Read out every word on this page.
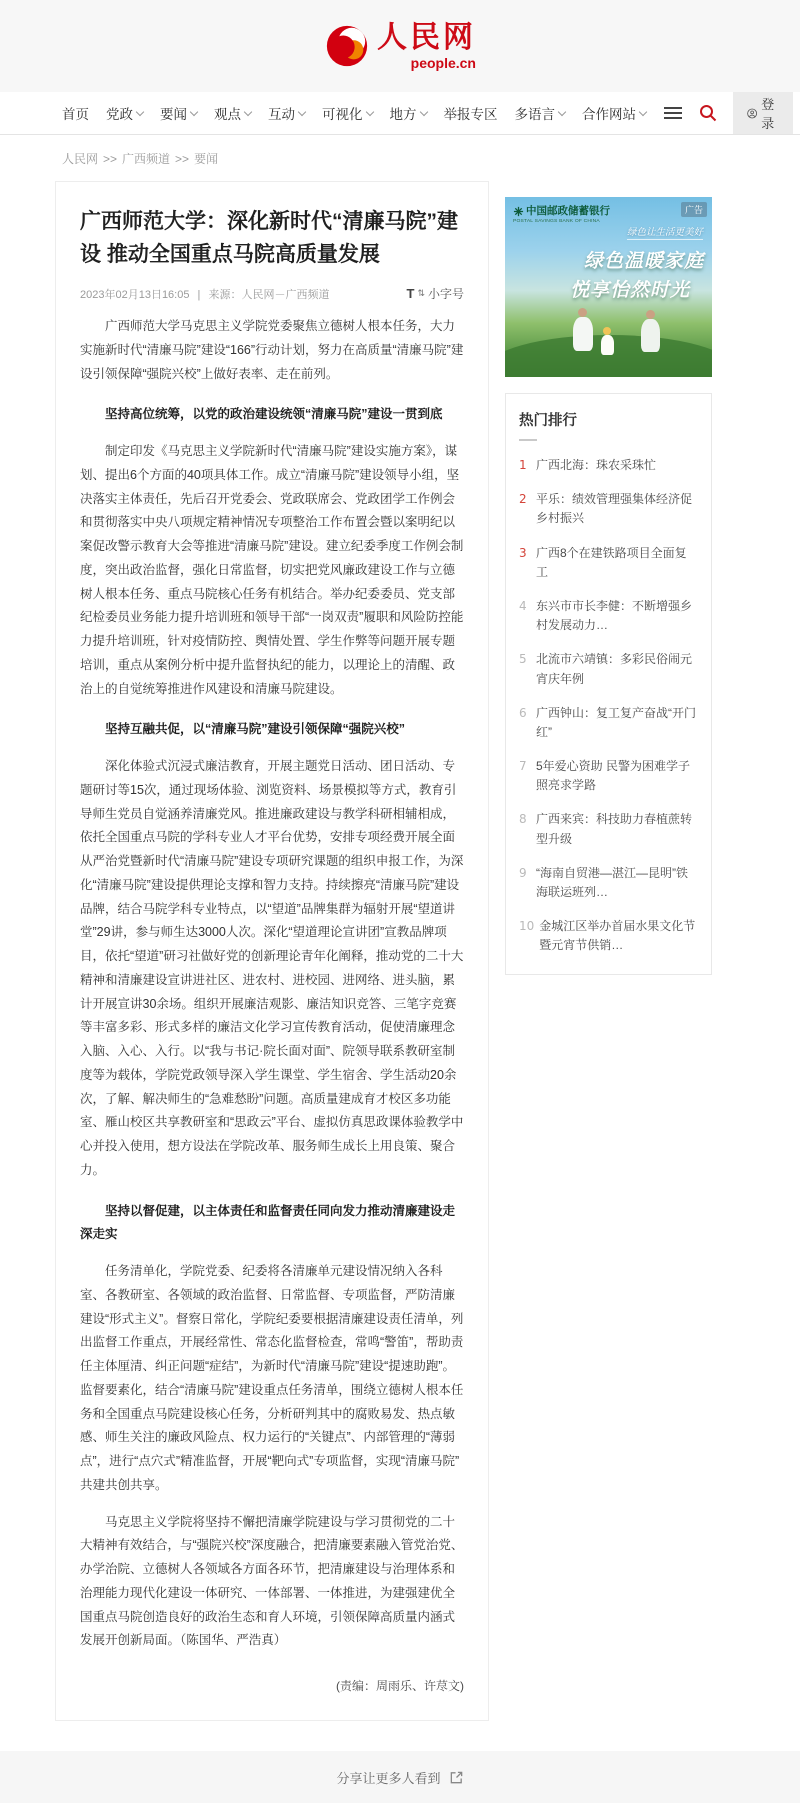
人民网
people.cn
首页 党政 要闻 观点 互动 可视化 地方 举报专区 多语言 合作网站
登录
人民网 >> 广西频道 >> 要闻
广西师范大学：深化新时代“清廉马院”建设 推动全国重点马院高质量发展
2023年02月13日16:05 | 来源：人民网－广西频道	T ⇅ 小字号

广西师范大学马克思主义学院党委聚焦立德树人根本任务，大力实施新时代“清廉马院”建设“166”行动计划，努力在高质量“清廉马院”建设引领保障“强院兴校”上做好表率、走在前列。

坚持高位统筹，以党的政治建设统领“清廉马院”建设一贯到底

制定印发《马克思主义学院新时代“清廉马院”建设实施方案》，谋划、提出6个方面的40项具体工作。成立“清廉马院”建设领导小组，坚决落实主体责任，先后召开党委会、党政联席会、党政团学工作例会和贯彻落实中央八项规定精神情况专项整治工作布置会暨以案明纪以案促改警示教育大会等推进“清廉马院”建设。建立纪委季度工作例会制度，突出政治监督，强化日常监督，切实把党风廉政建设工作与立德树人根本任务、重点马院核心任务有机结合。举办纪委委员、党支部纪检委员业务能力提升培训班和领导干部“一岗双责”履职和风险防控能力提升培训班，针对疫情防控、舆情处置、学生作弊等问题开展专题培训，重点从案例分析中提升监督执纪的能力，以理论上的清醒、政治上的自觉统筹推进作风建设和清廉马院建设。

坚持互融共促，以“清廉马院”建设引领保障“强院兴校”

深化体验式沉浸式廉洁教育，开展主题党日活动、团日活动、专题研讨等15次，通过现场体验、浏览资料、场景模拟等方式，教育引导师生党员自觉涵养清廉党风。推进廉政建设与教学科研相辅相成，依托全国重点马院的学科专业人才平台优势，安排专项经费开展全面从严治党暨新时代“清廉马院”建设专项研究课题的组织申报工作，为深化“清廉马院”建设提供理论支撑和智力支持。持续擦亮“清廉马院”建设品牌，结合马院学科专业特点，以“望道”品牌集群为辐射开展“望道讲堂”29讲，参与师生达3000人次。深化“望道理论宣讲团”宣教品牌项目，依托“望道”研习社做好党的创新理论青年化阐释，推动党的二十大精神和清廉建设宣讲进社区、进农村、进校园、进网络、进头脑，累计开展宣讲30余场。组织开展廉洁观影、廉洁知识竞答、三笔字竞赛等丰富多彩、形式多样的廉洁文化学习宣传教育活动，促使清廉理念入脑、入心、入行。以“我与书记·院长面对面”、院领导联系教研室制度等为载体，学院党政领导深入学生课堂、学生宿舍、学生活动20余次，了解、解决师生的“急难愁盼”问题。高质量建成育才校区多功能室、雁山校区共享教研室和“思政云”平台、虚拟仿真思政课体验教学中心并投入使用，想方设法在学院改革、服务师生成长上用良策、聚合力。

坚持以督促建，以主体责任和监督责任同向发力推动清廉建设走深走实

任务清单化，学院党委、纪委将各清廉单元建设情况纳入各科室、各教研室、各领域的政治监督、日常监督、专项监督，严防清廉建设“形式主义”。督察日常化，学院纪委要根据清廉建设责任清单，列出监督工作重点，开展经常性、常态化监督检查，常鸣“警笛”，帮助责任主体厘清、纠正问题“症结”，为新时代“清廉马院”建设“提速助跑”。监督要素化，结合“清廉马院”建设重点任务清单，围绕立德树人根本任务和全国重点马院建设核心任务，分析研判其中的腐败易发、热点敏感、师生关注的廉政风险点、权力运行的“关键点”、内部管理的“薄弱点”，进行“点穴式”精准监督，开展“靶向式”专项监督，实现“清廉马院”共建共创共享。

马克思主义学院将坚持不懈把清廉学院建设与学习贯彻党的二十大精神有效结合，与“强院兴校”深度融合，把清廉要素融入管党治党、办学治院、立德树人各领域各方面各环节，把清廉建设与治理体系和治理能力现代化建设一体研究、一体部署、一体推进，为建强建优全国重点马院创造良好的政治生态和育人环境，引领保障高质量内涵式发展开创新局面。（陈国华、严浩真）

(责编：周雨乐、许荩文)
中国邮政储蓄银行
POSTAL SAVINGS BANK OF CHINA
广告
绿色让生活更美好
绿色温暖家庭
悦享怡然时光
热门排行
1 广西北海：珠农采珠忙
2 平乐：绩效管理强集体经济促乡村振兴
3 广西8个在建铁路项目全面复工
4 东兴市市长李健：不断增强乡村发展动力…
5 北流市六靖镇：多彩民俗闹元宵庆年例
6 广西钟山：复工复产奋战“开门红”
7 5年爱心资助 民警为困难学子照亮求学路
8 广西来宾：科技助力春植蔗转型升级
9 “海南自贸港—湛江—昆明”铁海联运班列…
10 金城江区举办首届水果文化节暨元宵节供销…
分享让更多人看到
